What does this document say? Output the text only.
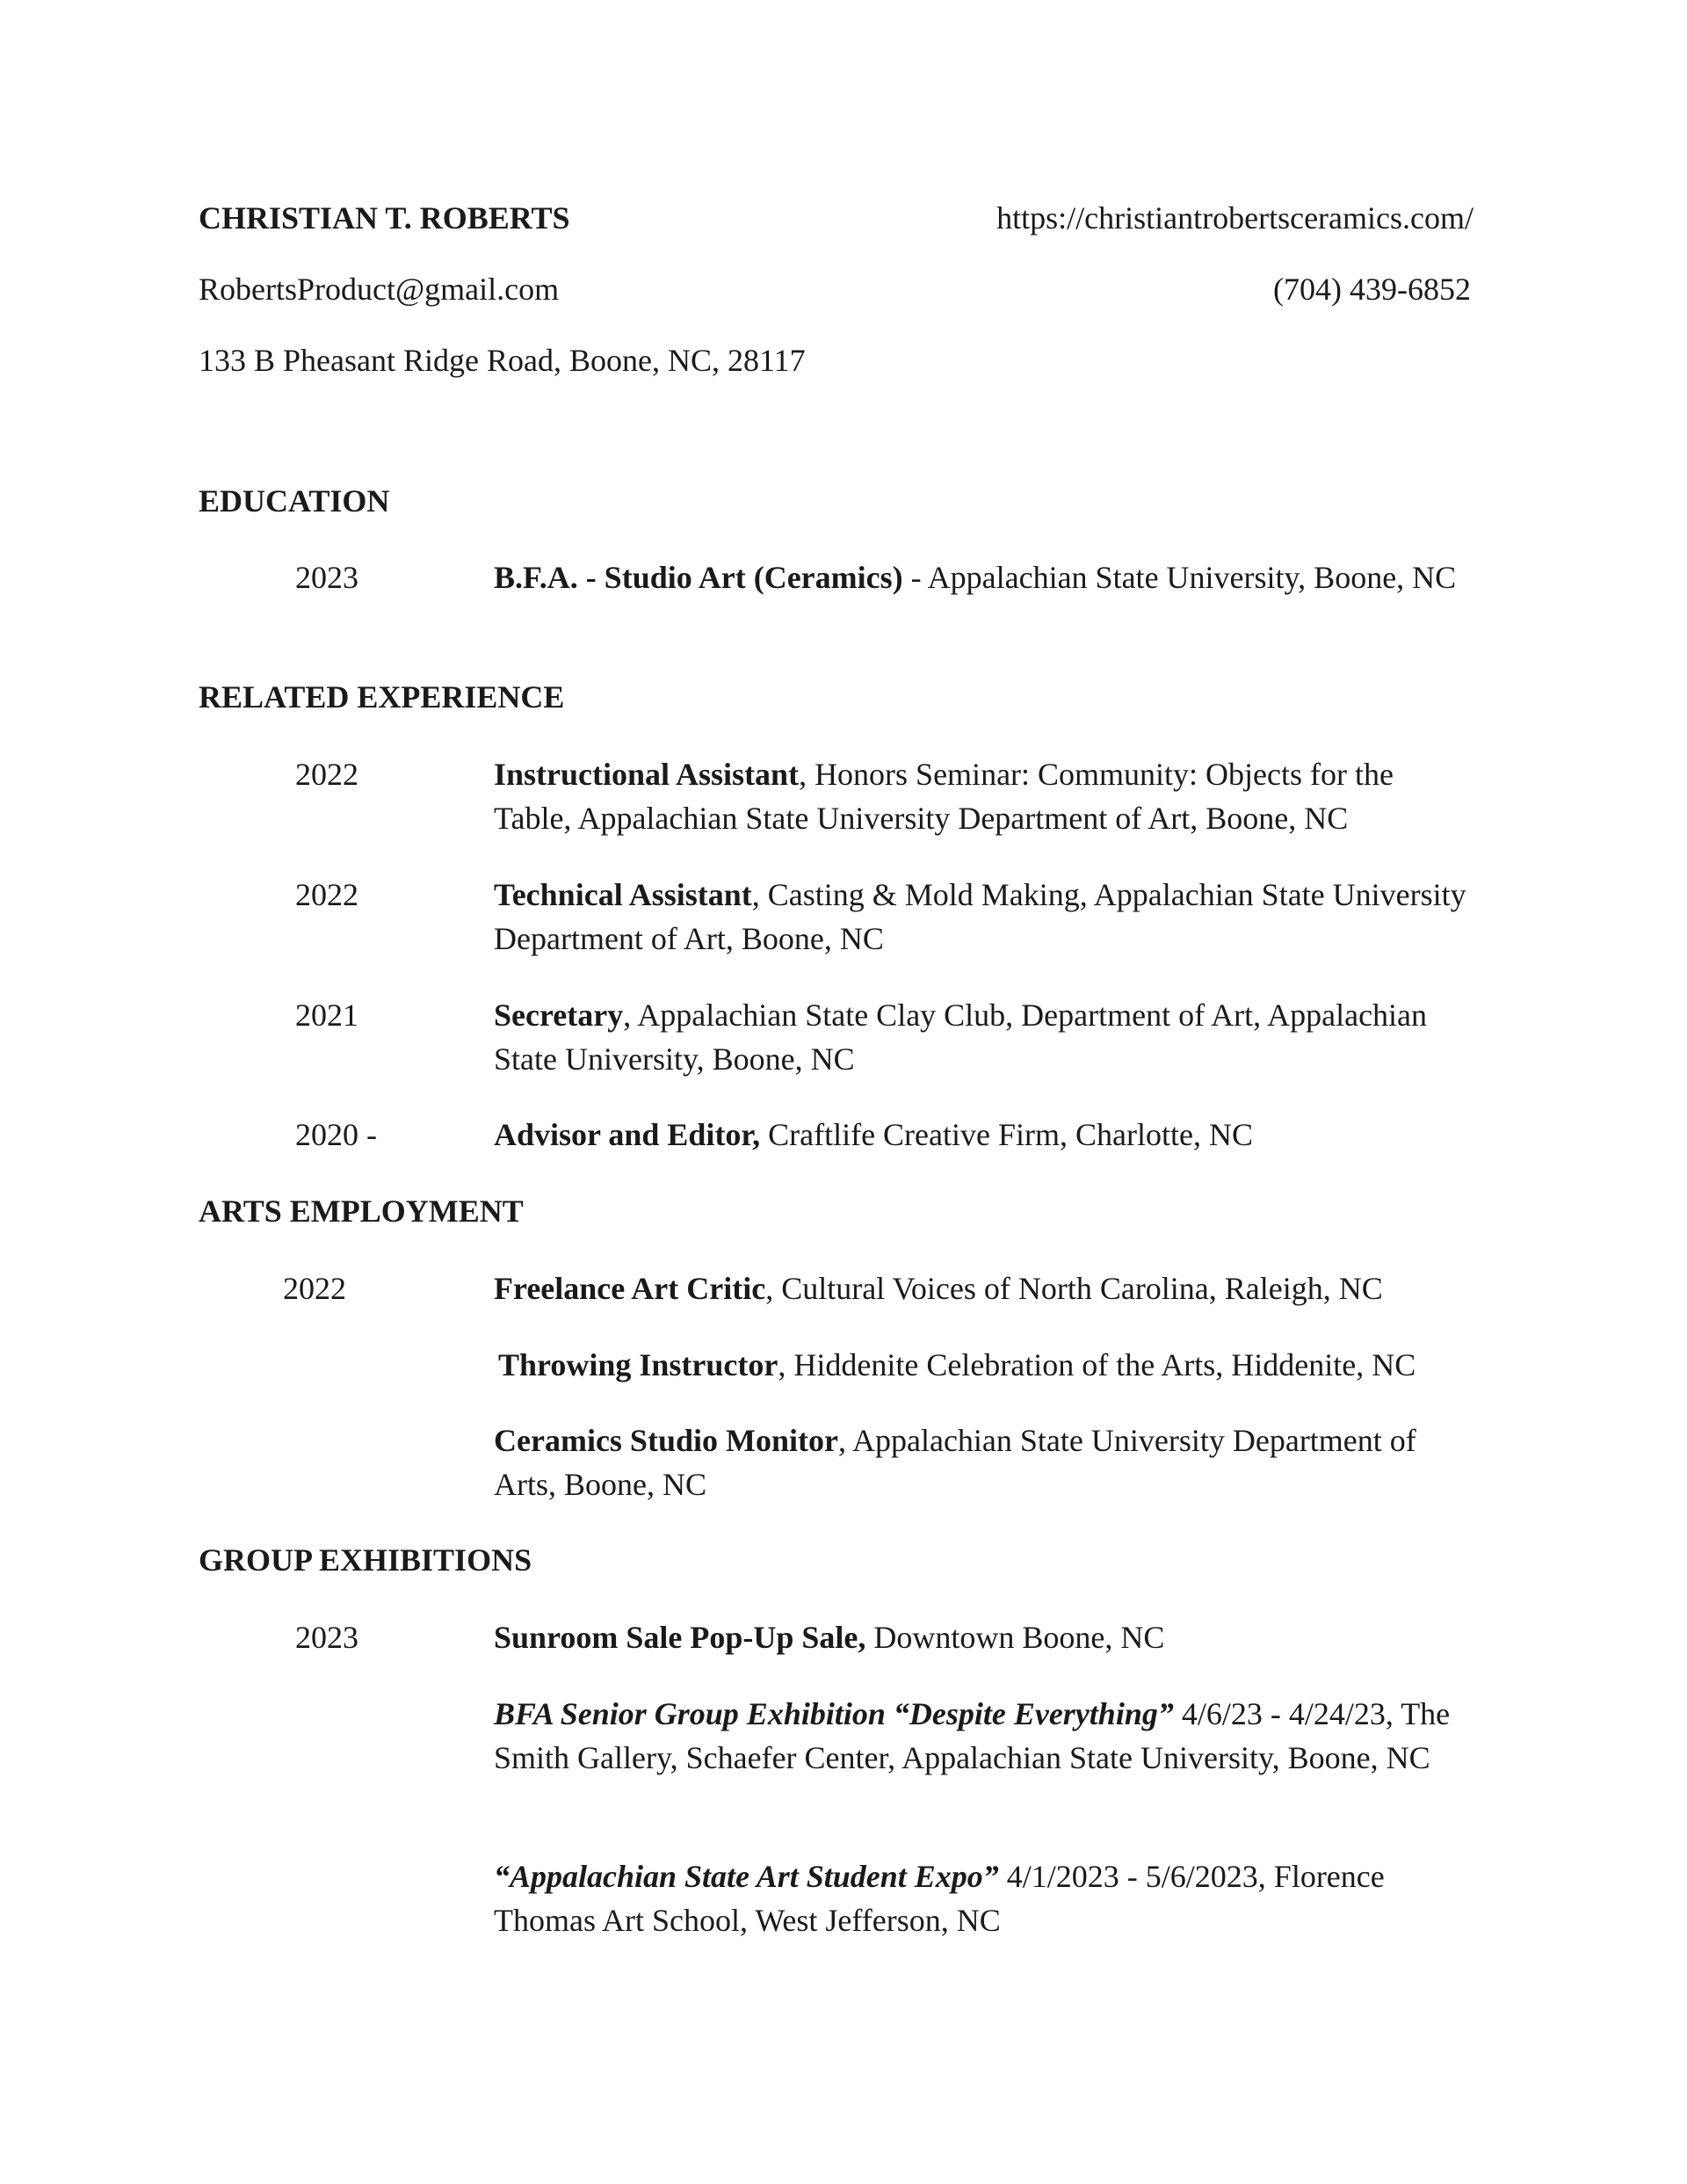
CHRISTIAN T. ROBERTS	https://christiantrobertsceramics.com/
RobertsProduct@gmail.com	(704) 439-6852
133 B Pheasant Ridge Road, Boone, NC, 28117
EDUCATION
2023	B.F.A. - Studio Art (Ceramics) - Appalachian State University, Boone, NC
RELATED EXPERIENCE
2022	Instructional Assistant, Honors Seminar: Community: Objects for the Table, Appalachian State University Department of Art, Boone, NC
2022	Technical Assistant, Casting & Mold Making, Appalachian State University Department of Art, Boone, NC
2021	Secretary, Appalachian State Clay Club, Department of Art, Appalachian State University, Boone, NC
2020 -	Advisor and Editor, Craftlife Creative Firm, Charlotte, NC
ARTS EMPLOYMENT
2022	Freelance Art Critic, Cultural Voices of North Carolina, Raleigh, NC
Throwing Instructor, Hiddenite Celebration of the Arts, Hiddenite, NC
Ceramics Studio Monitor, Appalachian State University Department of Arts, Boone, NC
GROUP EXHIBITIONS
2023	Sunroom Sale Pop-Up Sale, Downtown Boone, NC
BFA Senior Group Exhibition “Despite Everything” 4/6/23 - 4/24/23, The Smith Gallery, Schaefer Center, Appalachian State University, Boone, NC
“Appalachian State Art Student Expo” 4/1/2023 - 5/6/2023, Florence Thomas Art School, West Jefferson, NC
